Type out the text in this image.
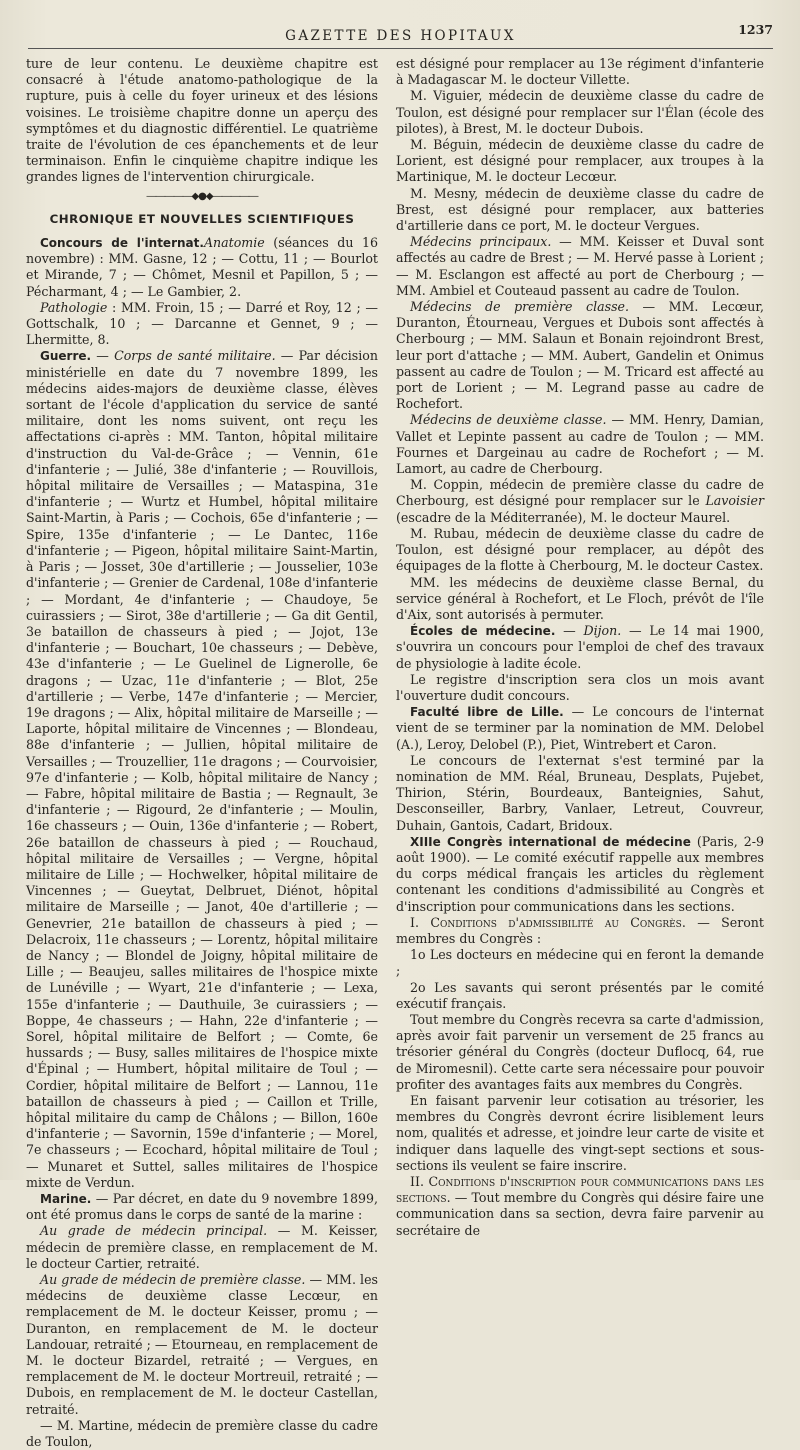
GAZETTE DES HOPITAUX	1237

ture de leur contenu. Le deuxième chapitre est consacré à l'étude anatomo-pathologique de la rupture, puis à celle du foyer urineux et des lésions voisines. Le troisième chapitre donne un aperçu des symptômes et du diagnostic différentiel. Le quatrième traite de l'évolution de ces épanchements et de leur terminaison. Enfin le cinquième chapitre indique les grandes lignes de l'intervention chirurgicale.

―――――◆●◆―――――
CHRONIQUE ET NOUVELLES SCIENTIFIQUES

Concours de l'internat.Anatomie (séances du 16 novembre) : MM. Gasne, 12 ; — Cottu, 11 ; — Bourlot et Mirande, 7 ; — Chômet, Mesnil et Papillon, 5 ; — Pécharmant, 4 ; — Le Gambier, 2.

Pathologie : MM. Froin, 15 ; — Darré et Roy, 12 ; — Gottschalk, 10 ; — Darcanne et Gennet, 9 ; — Lhermitte, 8.

Guerre. — Corps de santé militaire. — Par décision ministérielle en date du 7 novembre 1899, les médecins aides-majors de deuxième classe, élèves sortant de l'école d'application du service de santé militaire, dont les noms suivent, ont reçu les affectations ci-après : MM. Tanton, hôpital militaire d'instruction du Val-de-Grâce ; — Vennin, 61e d'infanterie ; — Julié, 38e d'infanterie ; — Rouvillois, hôpital militaire de Versailles ; — Mataspina, 31e d'infanterie ; — Wurtz et Humbel, hôpital militaire Saint-Martin, à Paris ; — Cochois, 65e d'infanterie ; — Spire, 135e d'infanterie ; — Le Dantec, 116e d'infanterie ; — Pigeon, hôpital militaire Saint-Martin, à Paris ; — Josset, 30e d'artillerie ; — Jousselier, 103e d'infanterie ; — Grenier de Cardenal, 108e d'infanterie ; — Mordant, 4e d'infanterie ; — Chaudoye, 5e cuirassiers ; — Sirot, 38e d'artillerie ; — Ga dit Gentil, 3e bataillon de chasseurs à pied ; — Jojot, 13e d'infanterie ; — Bouchart, 10e chasseurs ; — Debève, 43e d'infanterie ; — Le Guelinel de Lignerolle, 6e dragons ; — Uzac, 11e d'infanterie ; — Blot, 25e d'artillerie ; — Verbe, 147e d'infanterie ; — Mercier, 19e dragons ; — Alix, hôpital militaire de Marseille ; — Laporte, hôpital militaire de Vincennes ; — Blondeau, 88e d'infanterie ; — Jullien, hôpital militaire de Versailles ; — Trouzellier, 11e dragons ; — Courvoisier, 97e d'infanterie ; — Kolb, hôpital militaire de Nancy ; — Fabre, hôpital militaire de Bastia ; — Regnault, 3e d'infanterie ; — Rigourd, 2e d'infanterie ; — Moulin, 16e chasseurs ; — Ouin, 136e d'infanterie ; — Robert, 26e bataillon de chasseurs à pied ; — Rouchaud, hôpital militaire de Versailles ; — Vergne, hôpital militaire de Lille ; — Hochwelker, hôpital militaire de Vincennes ; — Gueytat, Delbruet, Diénot, hôpital militaire de Marseille ; — Janot, 40e d'artillerie ; — Genevrier, 21e bataillon de chasseurs à pied ; — Delacroix, 11e chasseurs ; — Lorentz, hôpital militaire de Nancy ; — Blondel de Joigny, hôpital militaire de Lille ; — Beaujeu, salles militaires de l'hospice mixte de Lunéville ; — Wyart, 21e d'infanterie ; — Lexa, 155e d'infanterie ; — Dauthuile, 3e cuirassiers ; — Boppe, 4e chasseurs ; — Hahn, 22e d'infanterie ; — Sorel, hôpital militaire de Belfort ; — Comte, 6e hussards ; — Busy, salles militaires de l'hospice mixte d'Épinal ; — Humbert, hôpital militaire de Toul ; — Cordier, hôpital militaire de Belfort ; — Lannou, 11e bataillon de chasseurs à pied ; — Caillon et Trille, hôpital militaire du camp de Châlons ; — Billon, 160e d'infanterie ; — Savornin, 159e d'infanterie ; — Morel, 7e chasseurs ; — Ecochard, hôpital militaire de Toul ; — Munaret et Suttel, salles militaires de l'hospice mixte de Verdun.

Marine. — Par décret, en date du 9 novembre 1899, ont été promus dans le corps de santé de la marine :

Au grade de médecin principal. — M. Keisser, médecin de première classe, en remplacement de M. le docteur Cartier, retraité.

Au grade de médecin de première classe. — MM. les médecins de deuxième classe Lecœur, en remplacement de M. le docteur Keisser, promu ; — Duranton, en remplacement de M. le docteur Landouar, retraité ; — Etourneau, en remplacement de M. le docteur Bizardel, retraité ; — Vergues, en remplacement de M. le docteur Mortreuil, retraité ; — Dubois, en remplacement de M. le docteur Castellan, retraité.

— M. Martine, médecin de première classe du cadre de Toulon,

est désigné pour remplacer au 13e régiment d'infanterie à Madagascar M. le docteur Villette.

M. Viguier, médecin de deuxième classe du cadre de Toulon, est désigné pour remplacer sur l'Élan (école des pilotes), à Brest, M. le docteur Dubois.

M. Béguin, médecin de deuxième classe du cadre de Lorient, est désigné pour remplacer, aux troupes à la Martinique, M. le docteur Lecœur.

M. Mesny, médecin de deuxième classe du cadre de Brest, est désigné pour remplacer, aux batteries d'artillerie dans ce port, M. le docteur Vergues.

Médecins principaux. — MM. Keisser et Duval sont affectés au cadre de Brest ; — M. Hervé passe à Lorient ; — M. Esclangon est affecté au port de Cherbourg ; — MM. Ambiel et Couteaud passent au cadre de Toulon.

Médecins de première classe. — MM. Lecœur, Duranton, Étourneau, Vergues et Dubois sont affectés à Cherbourg ; — MM. Salaun et Bonain rejoindront Brest, leur port d'attache ; — MM. Aubert, Gandelin et Onimus passent au cadre de Toulon ; — M. Tricard est affecté au port de Lorient ; — M. Legrand passe au cadre de Rochefort.

Médecins de deuxième classe. — MM. Henry, Damian, Vallet et Lepinte passent au cadre de Toulon ; — MM. Fournes et Dargeinau au cadre de Rochefort ; — M. Lamort, au cadre de Cherbourg.

M. Coppin, médecin de première classe du cadre de Cherbourg, est désigné pour remplacer sur le Lavoisier (escadre de la Méditerranée), M. le docteur Maurel.

M. Rubau, médecin de deuxième classe du cadre de Toulon, est désigné pour remplacer, au dépôt des équipages de la flotte à Cherbourg, M. le docteur Castex.

MM. les médecins de deuxième classe Bernal, du service général à Rochefort, et Le Floch, prévôt de l'île d'Aix, sont autorisés à permuter.

Écoles de médecine. — Dijon. — Le 14 mai 1900, s'ouvrira un concours pour l'emploi de chef des travaux de physiologie à ladite école.

Le registre d'inscription sera clos un mois avant l'ouverture dudit concours.

Faculté libre de Lille. — Le concours de l'internat vient de se terminer par la nomination de MM. Delobel (A.), Leroy, Delobel (P.), Piet, Wintrebert et Caron.

Le concours de l'externat s'est terminé par la nomination de MM. Réal, Bruneau, Desplats, Pujebet, Thirion, Stérin, Bourdeaux, Banteignies, Sahut, Desconseiller, Barbry, Vanlaer, Letreut, Couvreur, Duhain, Gantois, Cadart, Bridoux.

XIIIe Congrès international de médecine (Paris, 2-9 août 1900). — Le comité exécutif rappelle aux membres du corps médical français les articles du règlement contenant les conditions d'admissibilité au Congrès et d'inscription pour communications dans les sections.

I. Conditions d'admissibilité au Congrès. — Seront membres du Congrès :

1o Les docteurs en médecine qui en feront la demande ;

2o Les savants qui seront présentés par le comité exécutif français.

Tout membre du Congrès recevra sa carte d'admission, après avoir fait parvenir un versement de 25 francs au trésorier général du Congrès (docteur Duflocq, 64, rue de Miromesnil). Cette carte sera nécessaire pour pouvoir profiter des avantages faits aux membres du Congrès.

En faisant parvenir leur cotisation au trésorier, les membres du Congrès devront écrire lisiblement leurs nom, qualités et adresse, et joindre leur carte de visite et indiquer dans laquelle des vingt-sept sections et sous-sections ils veulent se faire inscrire.

II. Conditions d'inscription pour communications dans les sections. — Tout membre du Congrès qui désire faire une communication dans sa section, devra faire parvenir au secrétaire de
